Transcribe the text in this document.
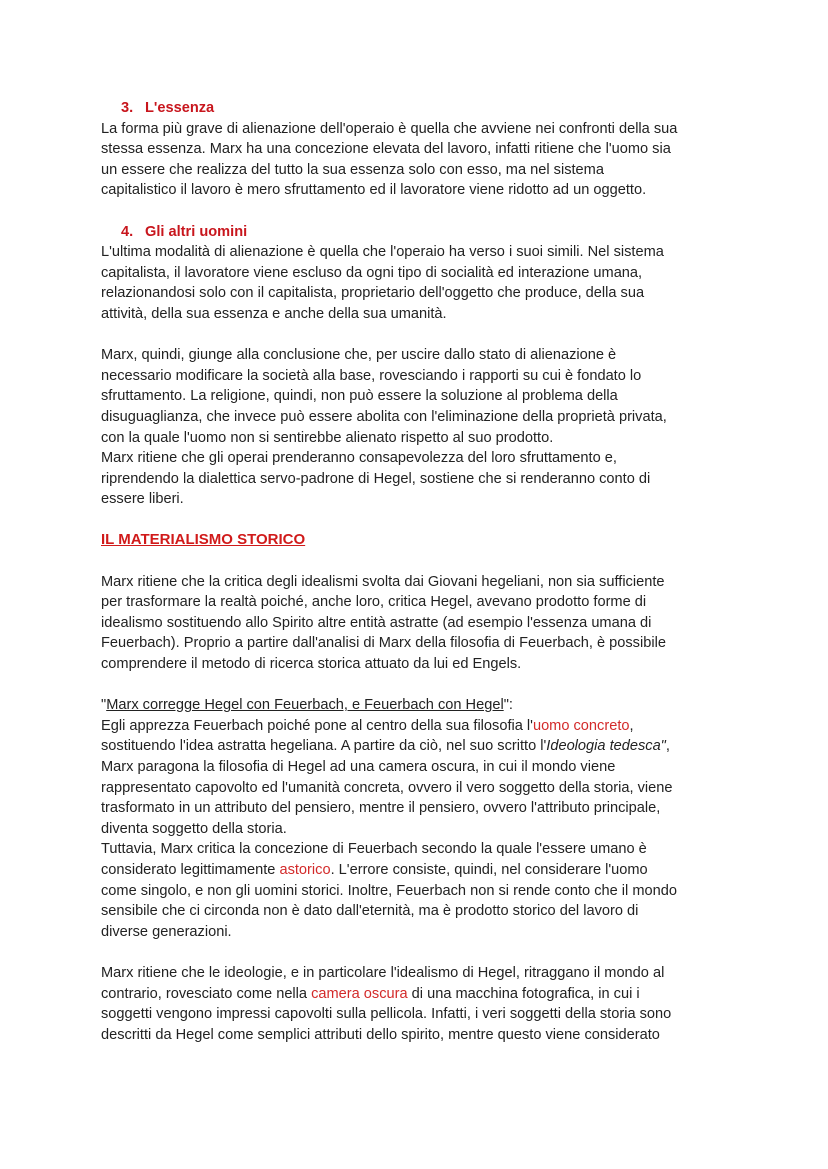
3. L'essenza
La forma più grave di alienazione dell'operaio è quella che avviene nei confronti della sua
stessa essenza. Marx ha una concezione elevata del lavoro, infatti ritiene che l'uomo sia
un essere che realizza del tutto la sua essenza solo con esso, ma nel sistema
capitalistico il lavoro è mero sfruttamento ed il lavoratore viene ridotto ad un oggetto.
4. Gli altri uomini
L'ultima modalità di alienazione è quella che l'operaio ha verso i suoi simili. Nel sistema
capitalista, il lavoratore viene escluso da ogni tipo di socialità ed interazione umana,
relazionandosi solo con il capitalista, proprietario dell'oggetto che produce, della sua
attività, della sua essenza e anche della sua umanità.
Marx, quindi, giunge alla conclusione che, per uscire dallo stato di alienazione è
necessario modificare la società alla base, rovesciando i rapporti su cui è fondato lo
sfruttamento. La religione, quindi, non può essere la soluzione al problema della
disuguaglianza, che invece può essere abolita con l'eliminazione della proprietà privata,
con la quale l'uomo non si sentirebbe alienato rispetto al suo prodotto.
Marx ritiene che gli operai prenderanno consapevolezza del loro sfruttamento e,
riprendendo la dialettica servo-padrone di Hegel, sostiene che si renderanno conto di
essere liberi.
IL MATERIALISMO STORICO
Marx ritiene che la critica degli idealismi svolta dai Giovani hegeliani, non sia sufficiente
per trasformare la realtà poiché, anche loro, critica Hegel, avevano prodotto forme di
idealismo sostituendo allo Spirito altre entità astratte (ad esempio l'essenza umana di
Feuerbach). Proprio a partire dall'analisi di Marx della filosofia di Feuerbach, è possibile
comprendere il metodo di ricerca storica attuato da lui ed Engels.
"Marx corregge Hegel con Feuerbach, e Feuerbach con Hegel":
Egli apprezza Feuerbach poiché pone al centro della sua filosofia l'uomo concreto,
sostituendo l'idea astratta hegeliana. A partire da ciò, nel suo scritto l'Ideologia tedesca",
Marx paragona la filosofia di Hegel ad una camera oscura, in cui il mondo viene
rappresentato capovolto ed l'umanità concreta, ovvero il vero soggetto della storia, viene
trasformato in un attributo del pensiero, mentre il pensiero, ovvero l'attributo principale,
diventa soggetto della storia.
Tuttavia, Marx critica la concezione di Feuerbach secondo la quale l'essere umano è
considerato legittimamente astorico. L'errore consiste, quindi, nel considerare l'uomo
come singolo, e non gli uomini storici. Inoltre, Feuerbach non si rende conto che il mondo
sensibile che ci circonda non è dato dall'eternità, ma è prodotto storico del lavoro di
diverse generazioni.
Marx ritiene che le ideologie, e in particolare l'idealismo di Hegel, ritraggano il mondo al
contrario, rovesciato come nella camera oscura di una macchina fotografica, in cui i
soggetti vengono impressi capovolti sulla pellicola. Infatti, i veri soggetti della storia sono
descritti da Hegel come semplici attributi dello spirito, mentre questo viene considerato
